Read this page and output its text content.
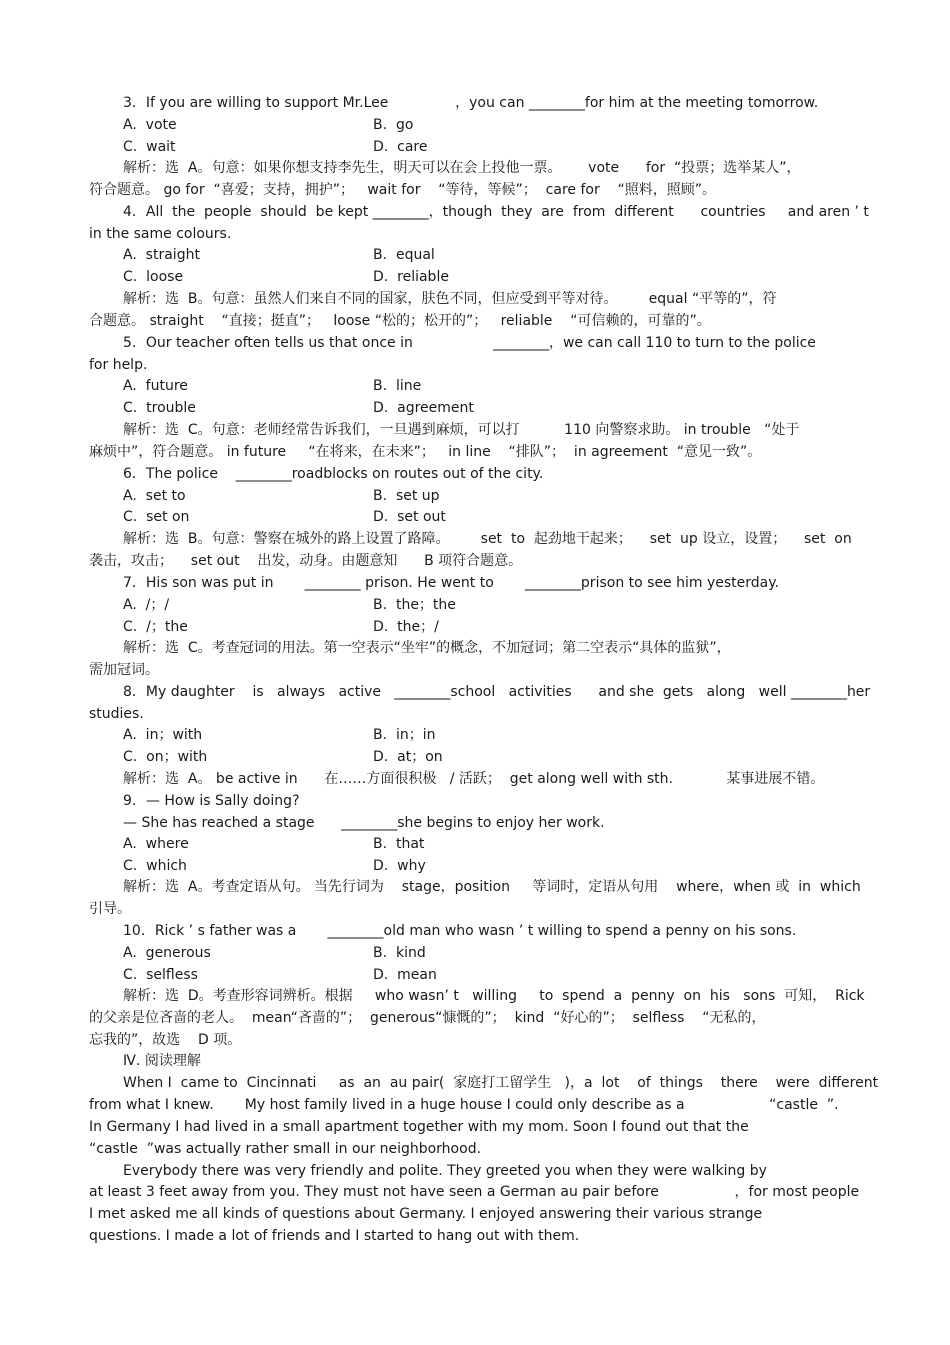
3．If you are willing to support Mr.Lee               ，you can ________for him at the meeting tomorrow.
A.  vote	B.  go
C.  wait	D.  care
解析：选  A。句意：如果你想支持李先生，明天可以在会上投他一票。      vote      for  “投票；选举某人”，
符合题意。 go for  “喜爱；支持，拥护”；   wait for    “等待，等候”；  care for    “照料，照顾”。
4．All  the  people  should  be kept ________，though  they  are  from  different      countries     and aren ’ t
in the same colours.
A.  straight	B.  equal
C.  loose	D.  reliable
解析：选  B。句意：虽然人们来自不同的国家，肤色不同，但应受到平等对待。       equal “平等的”，符
合题意。 straight    “直接；挺直”；   loose “松的；松开的”；   reliable    “可信赖的，可靠的”。
5．Our teacher often tells us that once in                  ________，we can call 110 to turn to the police
for help.
A.  future	B.  line
C.  trouble	D.  agreement
解析：选  C。句意：老师经常告诉我们，一旦遇到麻烦，可以打          110 向警察求助。 in trouble   “处于
麻烦中”，符合题意。 in future     “在将来，在未来”；   in line    “排队”；  in agreement  “意见一致”。
6．The police    ________roadblocks on routes out of the city.
A.  set to	B.  set up
C.  set on	D.  set out
解析：选  B。句意：警察在城外的路上设置了路障。       set  to  起劲地干起来；    set  up 设立，设置；    set  on
袭击，攻击；    set out    出发，动身。由题意知      B 项符合题意。
7．His son was put in       ________ prison. He went to       ________prison to see him yesterday.
A.  /；/	B.  the；the
C.  /；the	D.  the；/
解析：选  C。考查冠词的用法。第一空表示“坐牢”的概念，不加冠词；第二空表示“具体的监狱”，
需加冠词。
8．My daughter    is   always   active   ________school   activities      and she  gets   along   well ________her
studies.
A.  in；with	B.  in；in
C.  on；with	D.  at；on
解析：选  A。 be active in      在……方面很积极   / 活跃；  get along well with sth.            某事进展不错。
9．— How is Sally doing?
— She has reached a stage      ________she begins to enjoy her work.
A.  where	B.  that
C.  which	D.  why
解析：选  A。考查定语从句。 当先行词为    stage，position     等词时，定语从句用    where，when 或  in  which
引导。
10．Rick ’ s father was a       ________old man who wasn ’ t willing to spend a penny on his sons.
A.  generous	B.  kind
C.  selfless	D.  mean
解析：选  D。考查形容词辨析。根据     who wasn’ t   willing     to  spend  a  penny  on  his   sons  可知，  Rick
的父亲是位吝啬的老人。  mean“吝啬的”；  generous“慷慨的”；  kind  “好心的”；  selfless    “无私的，
忘我的”，故选    D 项。
Ⅳ. 阅读理解
When I  came to  Cincinnati     as  an  au pair(  家庭打工留学生   )，a  lot    of  things    there    were  different
from what I knew.       My host family lived in a huge house I could only describe as a                   “castle  ”.
In Germany I had lived in a small apartment together with my mom. Soon I found out that the
“castle  ”was actually rather small in our neighborhood.
Everybody there was very friendly and polite. They greeted you when they were walking by
at least 3 feet away from you. They must not have seen a German au pair before                 ，for most people
I met asked me all kinds of questions about Germany. I enjoyed answering their various strange
questions. I made a lot of friends and I started to hang out with them.
